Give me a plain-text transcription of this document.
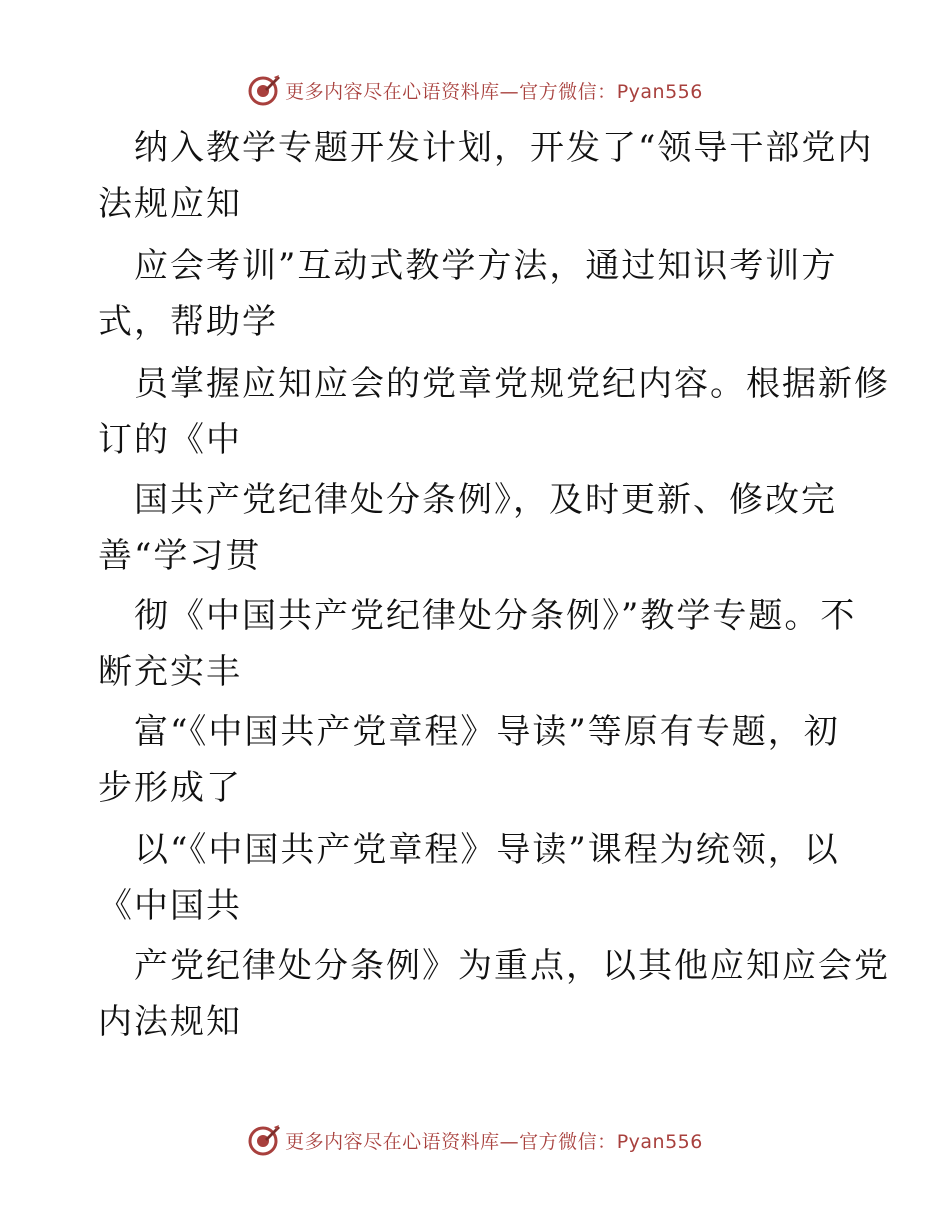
更多内容尽在心语资料库—官方微信：Pyan556
纳入教学专题开发计划，开发了“领导干部党内
法规应知
应会考训”互动式教学方法，通过知识考训方
式，帮助学
员掌握应知应会的党章党规党纪内容。根据新修
订的《中
国共产党纪律处分条例》，及时更新、修改完
善“学习贯
彻《中国共产党纪律处分条例》”教学专题。不
断充实丰
富“《中国共产党章程》导读”等原有专题，初
步形成了
以“《中国共产党章程》导读”课程为统领，以
《中国共
产党纪律处分条例》为重点，以其他应知应会党
内法规知
更多内容尽在心语资料库—官方微信：Pyan556
